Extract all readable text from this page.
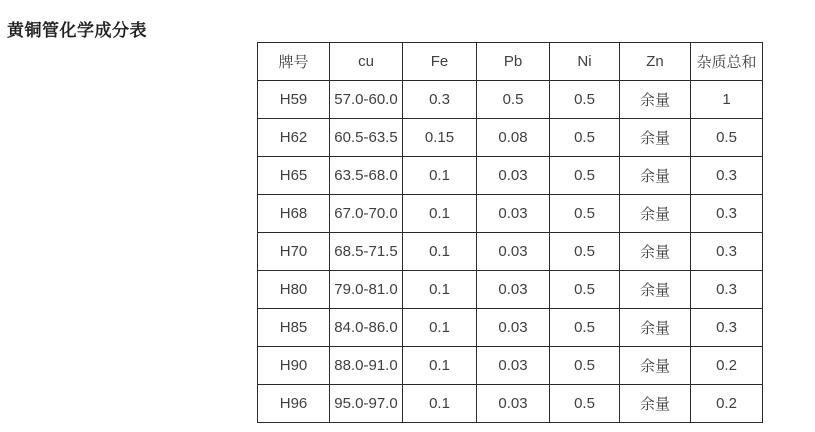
黄铜管化学成分表
牌号	cu	Fe	Pb	Ni	Zn	杂质总和
H59	57.0-60.0	0.3	0.5	0.5	余量	1
H62	60.5-63.5	0.15	0.08	0.5	余量	0.5
H65	63.5-68.0	0.1	0.03	0.5	余量	0.3
H68	67.0-70.0	0.1	0.03	0.5	余量	0.3
H70	68.5-71.5	0.1	0.03	0.5	余量	0.3
H80	79.0-81.0	0.1	0.03	0.5	余量	0.3
H85	84.0-86.0	0.1	0.03	0.5	余量	0.3
H90	88.0-91.0	0.1	0.03	0.5	余量	0.2
H96	95.0-97.0	0.1	0.03	0.5	余量	0.2
